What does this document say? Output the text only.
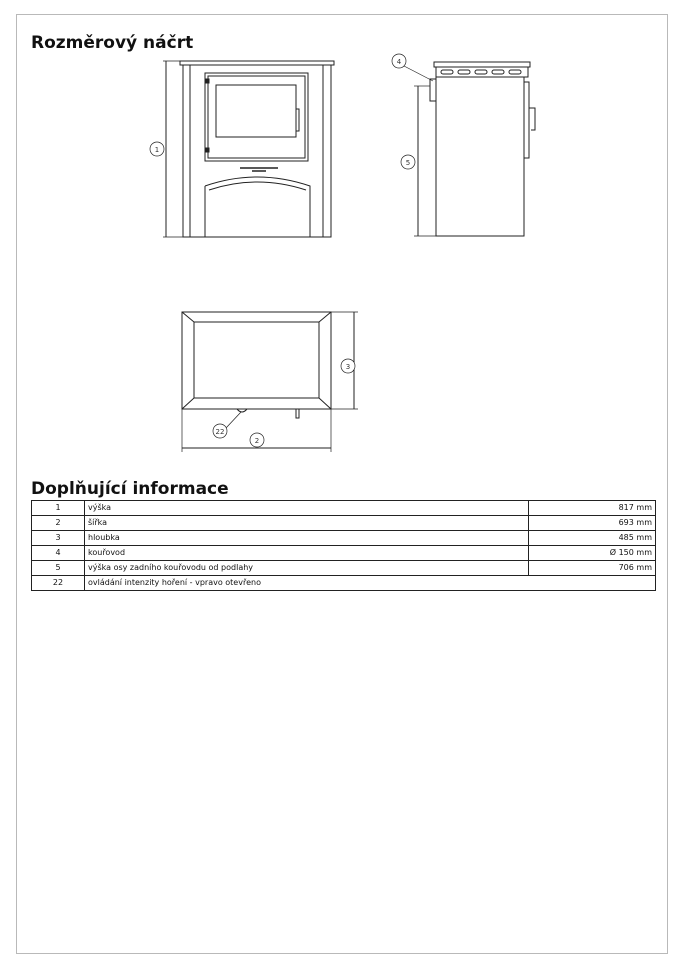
Rozměrový náčrt
1
4
5
3
2
22
Doplňující informace
1	výška	817 mm
2	šířka	693 mm
3	hloubka	485 mm
4	kouřovod	Ø 150 mm
5	výška osy zadního kouřovodu od podlahy	706 mm
22	ovládání intenzity hoření - vpravo otevřeno	
